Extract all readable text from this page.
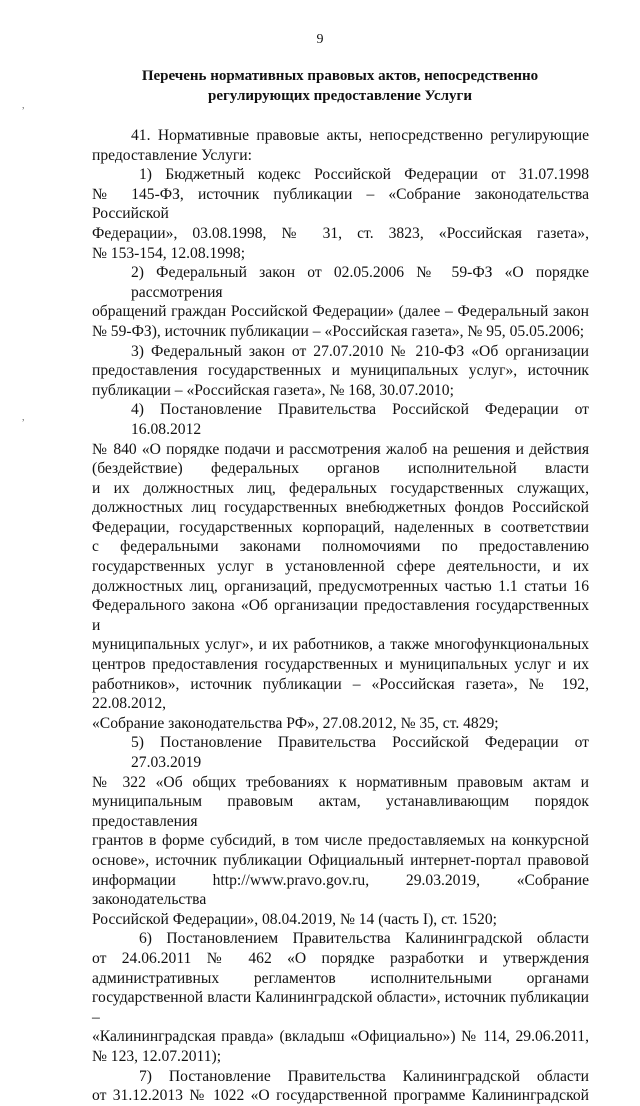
9
Перечень нормативных правовых актов, непосредственно
регулирующих предоставление Услуги
41. Нормативные правовые акты, непосредственно регулирующие
предоставление Услуги:
1) Бюджетный кодекс Российской Федерации от 31.07.1998
№ 145-ФЗ, источник публикации – «Собрание законодательства Российской
Федерации», 03.08.1998, № 31, ст. 3823, «Российская газета»,
№ 153-154, 12.08.1998;
2) Федеральный закон от 02.05.2006 № 59-ФЗ «О порядке рассмотрения
обращений граждан Российской Федерации» (далее – Федеральный закон
№ 59-ФЗ), источник публикации – «Российская газета», № 95, 05.05.2006;
3) Федеральный закон от 27.07.2010 № 210-ФЗ «Об организации
предоставления государственных и муниципальных услуг», источник
публикации – «Российская газета», № 168, 30.07.2010;
4) Постановление Правительства Российской Федерации от 16.08.2012
№ 840 «О порядке подачи и рассмотрения жалоб на решения и действия
(бездействие) федеральных органов исполнительной власти
и их должностных лиц, федеральных государственных служащих,
должностных лиц государственных внебюджетных фондов Российской
Федерации, государственных корпораций, наделенных в соответствии
с федеральными законами полномочиями по предоставлению
государственных услуг в установленной сфере деятельности, и их
должностных лиц, организаций, предусмотренных частью 1.1 статьи 16
Федерального закона «Об организации предоставления государственных и
муниципальных услуг», и их работников, а также многофункциональных
центров предоставления государственных и муниципальных услуг и их
работников», источник публикации – «Российская газета», № 192, 22.08.2012,
«Собрание законодательства РФ», 27.08.2012, № 35, ст. 4829;
5) Постановление Правительства Российской Федерации от 27.03.2019
№ 322 «Об общих требованиях к нормативным правовым актам и
муниципальным правовым актам, устанавливающим порядок предоставления
грантов в форме субсидий, в том числе предоставляемых на конкурсной
основе», источник публикации Официальный интернет-портал правовой
информации http://www.pravo.gov.ru, 29.03.2019, «Собрание законодательства
Российской Федерации», 08.04.2019, № 14 (часть I), ст. 1520;
6) Постановлением Правительства Калининградской области
от 24.06.2011 № 462 «О порядке разработки и утверждения
административных регламентов исполнительными органами
государственной власти Калининградской области», источник публикации –
«Калининградская правда» (вкладыш «Официально») № 114, 29.06.2011,
№ 123, 12.07.2011);
7) Постановление Правительства Калининградской области
от 31.12.2013 № 1022 «О государственной программе Калининградской
,
,
